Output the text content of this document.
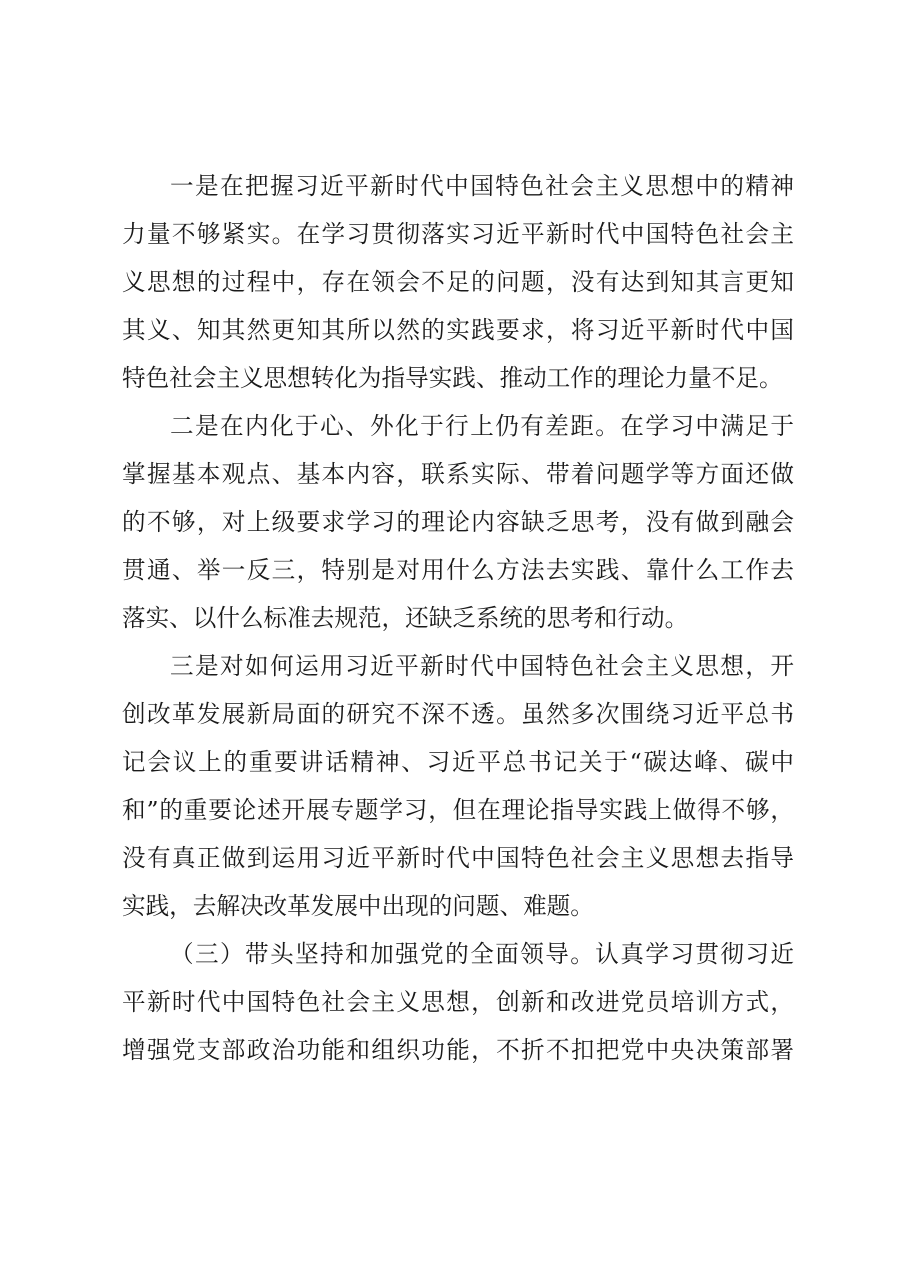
一是在把握习近平新时代中国特色社会主义思想中的精神
力量不够紧实。在学习贯彻落实习近平新时代中国特色社会主
义思想的过程中，存在领会不足的问题，没有达到知其言更知
其义、知其然更知其所以然的实践要求，将习近平新时代中国
特色社会主义思想转化为指导实践、推动工作的理论力量不足。
二是在内化于心、外化于行上仍有差距。在学习中满足于
掌握基本观点、基本内容，联系实际、带着问题学等方面还做
的不够，对上级要求学习的理论内容缺乏思考，没有做到融会
贯通、举一反三，特别是对用什么方法去实践、靠什么工作去
落实、以什么标准去规范，还缺乏系统的思考和行动。
三是对如何运用习近平新时代中国特色社会主义思想，开
创改革发展新局面的研究不深不透。虽然多次围绕习近平总书
记会议上的重要讲话精神、习近平总书记关于“碳达峰、碳中
和”的重要论述开展专题学习，但在理论指导实践上做得不够，
没有真正做到运用习近平新时代中国特色社会主义思想去指导
实践，去解决改革发展中出现的问题、难题。
（三）带头坚持和加强党的全面领导。认真学习贯彻习近
平新时代中国特色社会主义思想，创新和改进党员培训方式，
增强党支部政治功能和组织功能，不折不扣把党中央决策部署
